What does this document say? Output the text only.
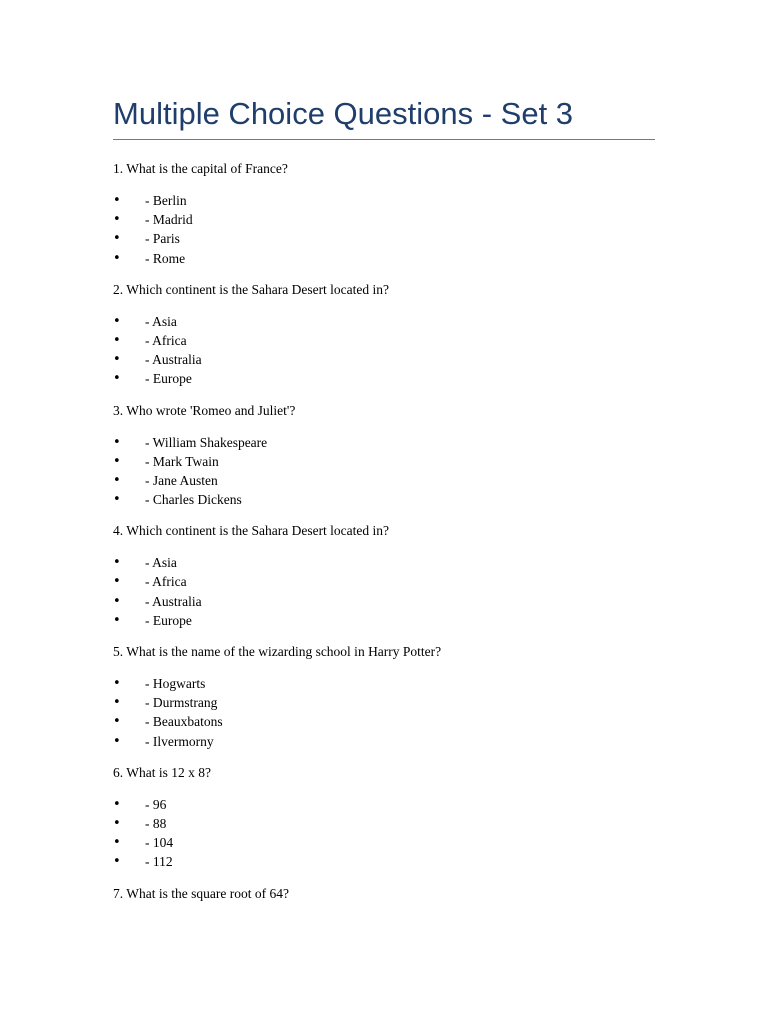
Multiple Choice Questions - Set 3
1. What is the capital of France?
• - Berlin
• - Madrid
• - Paris
• - Rome
2. Which continent is the Sahara Desert located in?
• - Asia
• - Africa
• - Australia
• - Europe
3. Who wrote 'Romeo and Juliet'?
• - William Shakespeare
• - Mark Twain
• - Jane Austen
• - Charles Dickens
4. Which continent is the Sahara Desert located in?
• - Asia
• - Africa
• - Australia
• - Europe
5. What is the name of the wizarding school in Harry Potter?
• - Hogwarts
• - Durmstrang
• - Beauxbatons
• - Ilvermorny
6. What is 12 x 8?
• - 96
• - 88
• - 104
• - 112
7. What is the square root of 64?
